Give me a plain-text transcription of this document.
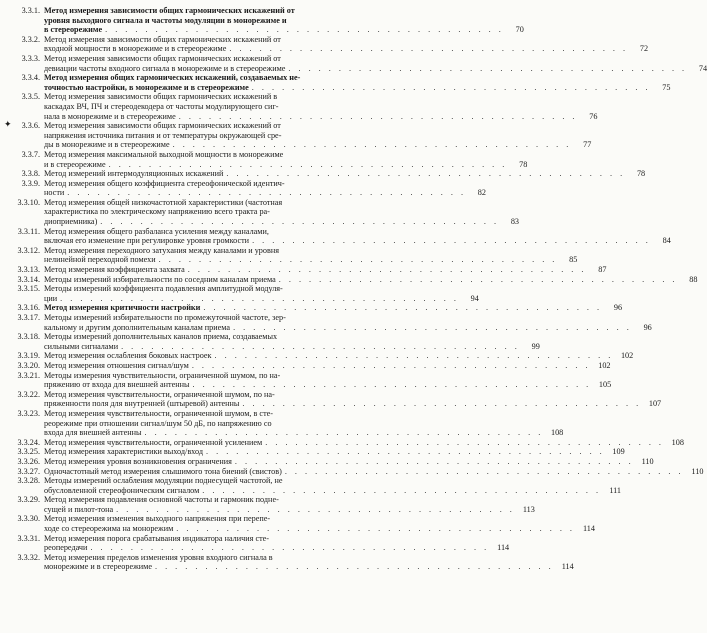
✦
3.3.1. Метод измерения зависимости общих гармонических искажений от
уровня выходного сигнала и частоты модуляции в монорежиме и
в стереорежиме . . . . . . . . . . . . . . . . . . . . . . . . . . . . . . . . . . . . . . . .	70
3.3.2. Метод измерения зависимости общих гармонических искажений от
входной мощности в монорежиме и в стереорежиме . . . . . . . . . . . . . . . . . . . . . . . . . . . . . . . . . . . . . . . .	72
3.3.3. Метод измерения зависимости общих гармонических искажений от
девиации частоты входного сигнала в монорежиме и в стереорежиме . . . . . . . . . . . . . . . . . . . . . . . . . . . . . . . . . . . . . . . .	74
3.3.4. Метод измерения общих гармонических искажений, создаваемых не-
точностью настройки, в монорежиме и в стереорежиме . . . . . . . . . . . . . . . . . . . . . . . . . . . . . . . . . . . . . . . .	75
3.3.5. Метод измерения зависимости общих гармонических искажений в
каскадах ВЧ, ПЧ и стереодекодера от частоты модулирующего сиг-
нала в монорежиме и в стереорежиме . . . . . . . . . . . . . . . . . . . . . . . . . . . . . . . . . . . . . . . .	76
3.3.6. Метод измерения зависимости общих гармонических искажений от
напряжения источника питания и от температуры окружающей сре-
ды в монорежиме и в стереорежиме . . . . . . . . . . . . . . . . . . . . . . . . . . . . . . . . . . . . . . . .	77
3.3.7. Метод измерения максимальной выходной мощности в монорежиме
и в стереорежиме . . . . . . . . . . . . . . . . . . . . . . . . . . . . . . . . . . . . . . . .	78
3.3.8. Метод измерений интермодуляционных искажений . . . . . . . . . . . . . . . . . . . . . . . . . . . . . . . . . . . . . . . .	78
3.3.9. Метод измерения общего коэффициента стереофонической идентич-
ности . . . . . . . . . . . . . . . . . . . . . . . . . . . . . . . . . . . . . . . .	82
3.3.10. Метод измерения общей низкочастотной характеристики (частотная
характеристика по электрическому напряжению всего тракта ра-
диоприемника) . . . . . . . . . . . . . . . . . . . . . . . . . . . . . . . . . . . . . . . .	83
3.3.11. Метод измерения общего разбаланса усиления между каналами,
включая его изменение при регулировке уровня громкости . . . . . . . . . . . . . . . . . . . . . . . . . . . . . . . . . . . . . . . .	84
3.3.12. Метод измерения переходного затухания между каналами и уровня
нелинейной переходной помехи . . . . . . . . . . . . . . . . . . . . . . . . . . . . . . . . . . . . . . . .	85
3.3.13. Метод измерения коэффициента захвата . . . . . . . . . . . . . . . . . . . . . . . . . . . . . . . . . . . . . . . .	87
3.3.14. Методы измерений избирательности по соседним каналам приема . . . . . . . . . . . . . . . . . . . . . . . . . . . . . . . . . . . . . . . .	88
3.3.15. Методы измерений коэффициента подавления амплитудной модуля-
ции . . . . . . . . . . . . . . . . . . . . . . . . . . . . . . . . . . . . . . . .	94
3.3.16. Метод измерения критичности настройки . . . . . . . . . . . . . . . . . . . . . . . . . . . . . . . . . . . . . . . .	96
3.3.17. Методы измерений избирательности по промежуточной частоте, зер-
кальному и другим дополнительным каналам приема . . . . . . . . . . . . . . . . . . . . . . . . . . . . . . . . . . . . . . . .	96
3.3.18. Методы измерений дополнительных каналов приема, создаваемых
сильными сигналами . . . . . . . . . . . . . . . . . . . . . . . . . . . . . . . . . . . . . . . .	99
3.3.19. Метод измерения ослабления боковых настроек . . . . . . . . . . . . . . . . . . . . . . . . . . . . . . . . . . . . . . . . 102
3.3.20. Метод измерения отношения сигнал/шум . . . . . . . . . . . . . . . . . . . . . . . . . . . . . . . . . . . . . . . . 102
3.3.21. Методы измерения чувствительности, ограниченной шумом, по на-
пряжению от входа для внешней антенны . . . . . . . . . . . . . . . . . . . . . . . . . . . . . . . . . . . . . . . . 105
3.3.22. Метод измерения чувствительности, ограниченной шумом, по на-
пряженности поля для внутренней (штыревой) антенны . . . . . . . . . . . . . . . . . . . . . . . . . . . . . . . . . . . . . . . . 107
3.3.23. Метод измерения чувствительности, ограниченной шумом, в сте-
реорежиме при отношении сигнал/шум 50 дБ, по напряжению со
входа для внешней антенны . . . . . . . . . . . . . . . . . . . . . . . . . . . . . . . . . . . . . . . . 108
3.3.24. Метод измерения чувствительности, ограниченной усилением . . . . . . . . . . . . . . . . . . . . . . . . . . . . . . . . . . . . . . . . 108
3.3.25. Метод измерения характеристики выход/вход . . . . . . . . . . . . . . . . . . . . . . . . . . . . . . . . . . . . . . . . 109
3.3.26. Метод измерения уровня возникновения ограничения . . . . . . . . . . . . . . . . . . . . . . . . . . . . . . . . . . . . . . . . 110
3.3.27. Одночастотный метод измерения слышимого тона биений (свистов) . . . . . . . . . . . . . . . . . . . . . . . . . . . . . . . . . . . . . . . . 110
3.3.28. Методы измерений ослабления модуляции поднесущей частотой, не
обусловленной стереофоническим сигналом . . . . . . . . . . . . . . . . . . . . . . . . . . . . . . . . . . . . . . . .	111
3.3.29. Метод измерения подавления основной частоты и гармоник подне-
сущей и пилот-тона . . . . . . . . . . . . . . . . . . . . . . . . . . . . . . . . . . . . . . . . 113
3.3.30. Метод измерения изменения выходного напряжения при перепе-
ходе со стереорежима на монорежим . . . . . . . . . . . . . . . . . . . . . . . . . . . . . . . . . . . . . . . . 114
3.3.31. Метод измерения порога срабатывания индикатора наличия сте-
реопередачи . . . . . . . . . . . . . . . . . . . . . . . . . . . . . . . . . . . . . . . . 114
3.3.32. Метод измерения пределов изменения уровня входного сигнала в
монорежиме и в стереорежиме . . . . . . . . . . . . . . . . . . . . . . . . . . . . . . . . . . . . . . . . 114
